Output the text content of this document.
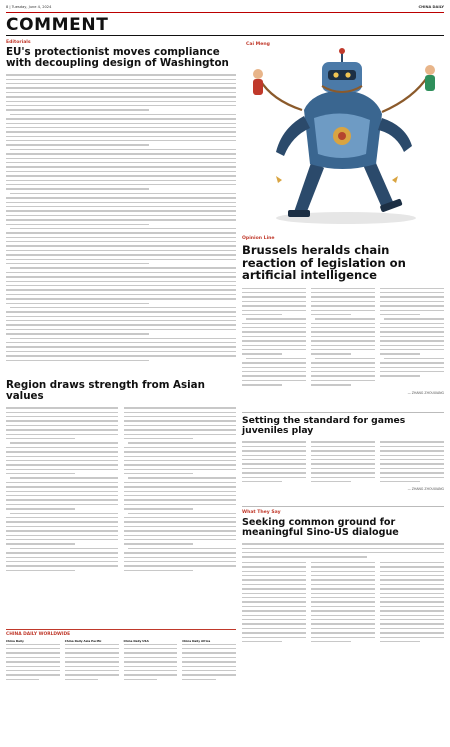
8 | Tuesday, June 4, 2024	CHINA DAILY
COMMENT
Editorials
EU's protectionist moves compliance with decoupling design of Washington
Region draws strength from Asian values
Cai Meng
Opinion Line
Brussels heralds chain reaction of legislation on artificial intelligence
— ZHANG ZHOUXIANG
Setting the standard for games juveniles play
— ZHANG ZHOUXIANG
What They Say
Seeking common ground for meaningful Sino-US dialogue
CHINA DAILY WORLDWIDE
China Daily	China Daily Asia Pacific	China Daily USA	China Daily Africa
